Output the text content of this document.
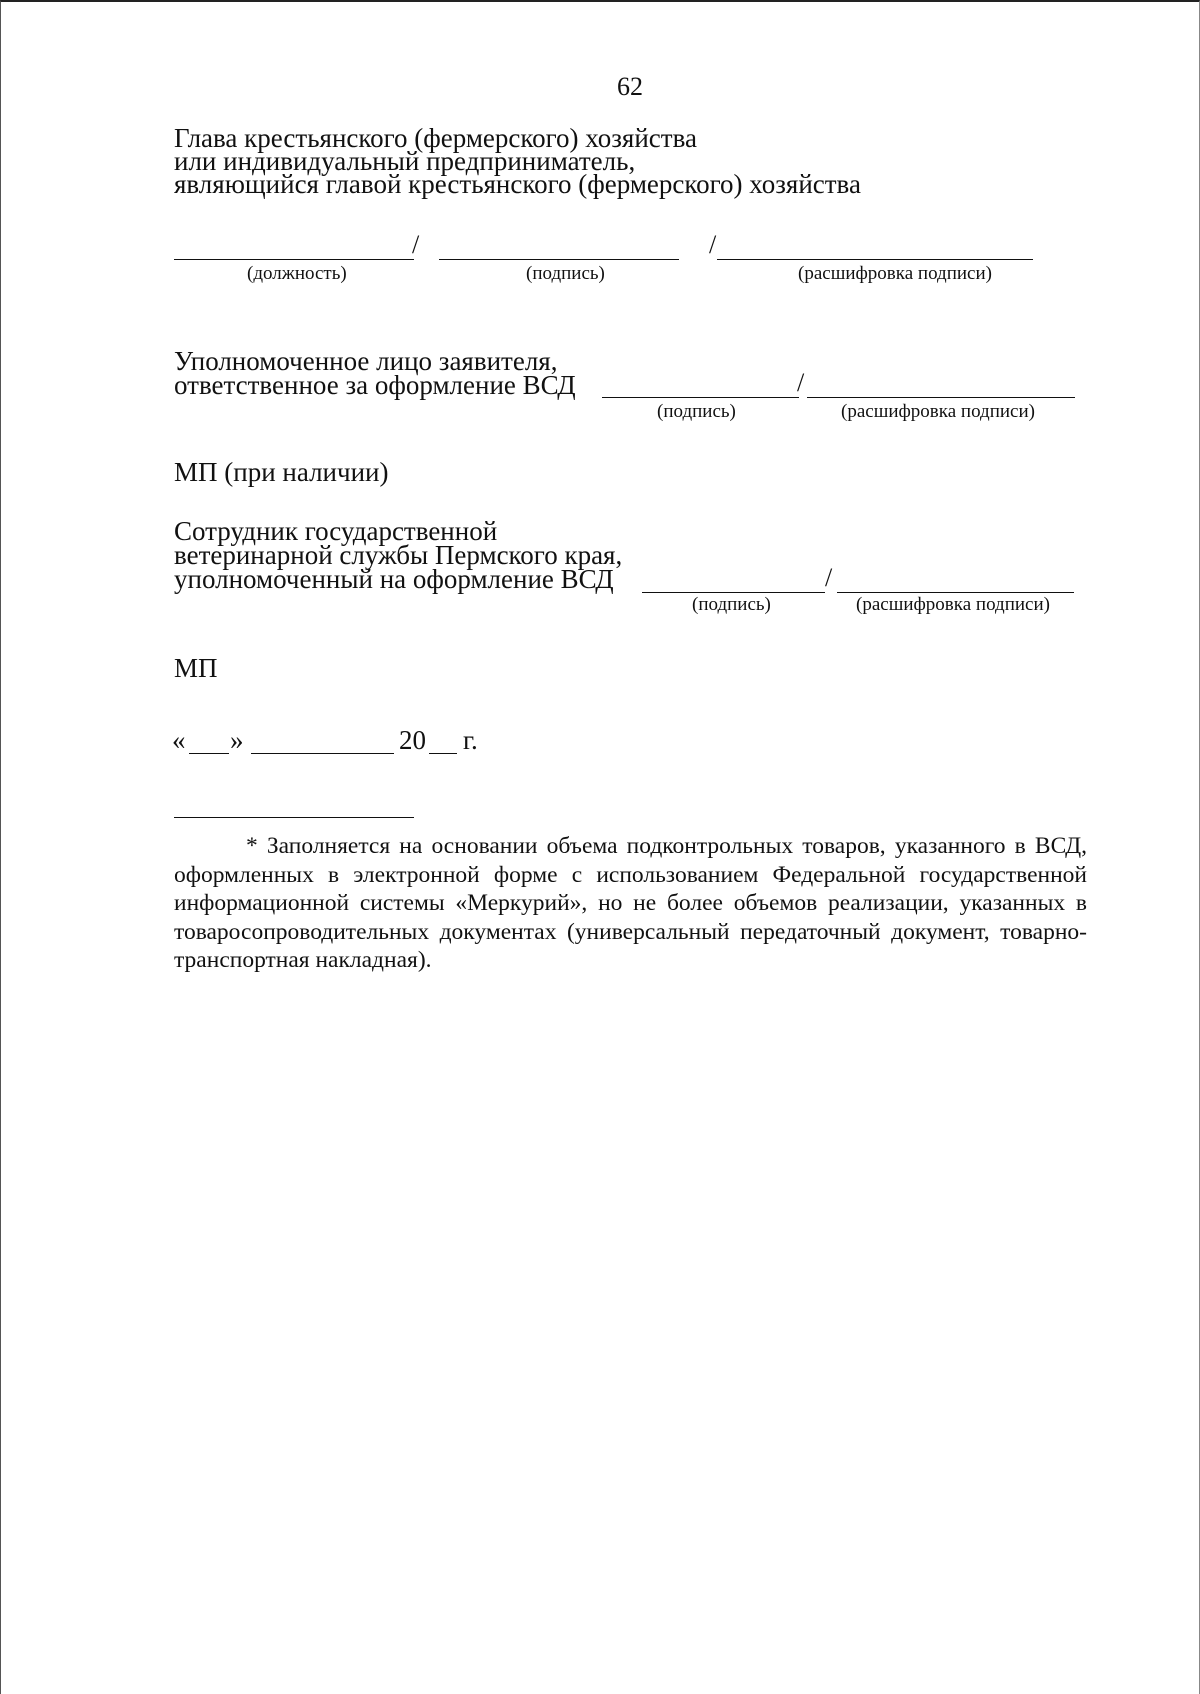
62
Глава крестьянского (фермерского) хозяйства
или индивидуальный предприниматель,
являющийся главой крестьянского (фермерского) хозяйства
/	/
(должность)	(подпись)	(расшифровка подписи)
Уполномоченное лицо заявителя,
ответственное за оформление ВСД	/
(подпись)	(расшифровка подписи)
МП (при наличии)
Сотрудник государственной
ветеринарной службы Пермского края,
уполномоченный на оформление ВСД	/
(подпись)	(расшифровка подписи)
МП
« »	20 г.
* Заполняется на основании объема подконтрольных товаров, указанного в ВСД, оформленных в электронной форме с использованием Федеральной государственной информационной системы «Меркурий», но не более объемов реализации, указанных в товаросопроводительных документах (универсальный передаточный документ, товарно-транспортная накладная).
